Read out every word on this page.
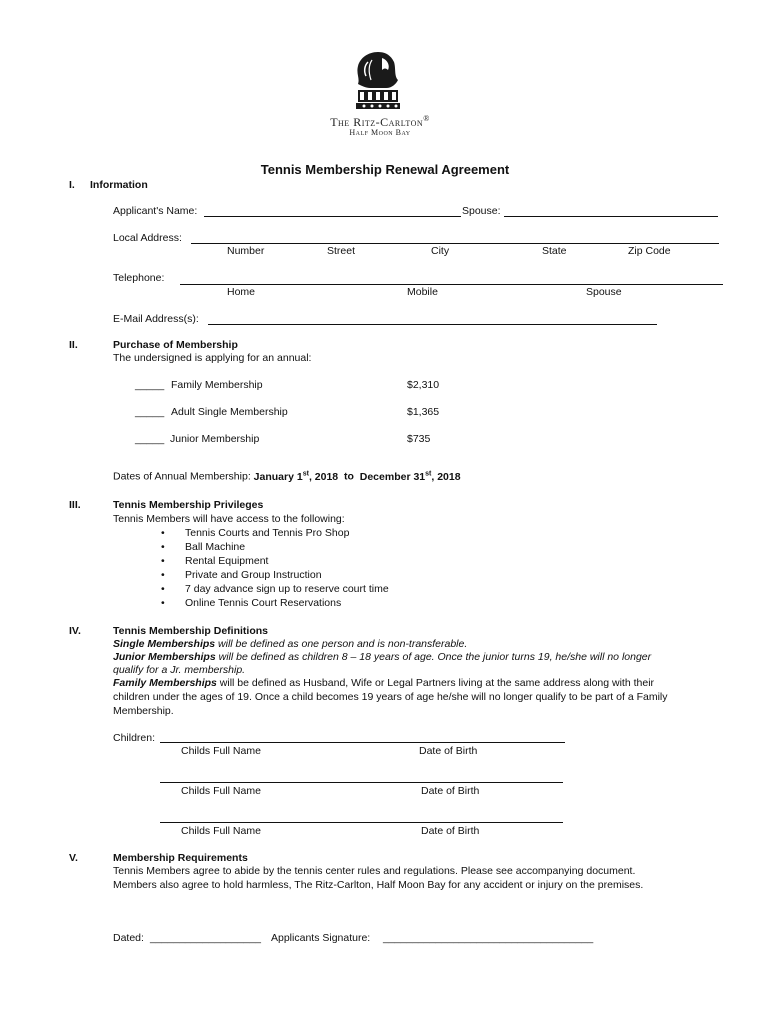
The Ritz-Carlton®
Half Moon Bay
Tennis Membership Renewal Agreement
I. Information
Applicant's Name:	Spouse:
Local Address:
Number	Street	City	State	Zip Code
Telephone:
Home	Mobile	Spouse
E-Mail Address(s):
II.	Purchase of Membership
The undersigned is applying for an annual:
_____ Family Membership	$2,310
_____ Adult Single Membership	$1,365
_____ Junior Membership	$735
Dates of Annual Membership: January 1st, 2018 to December 31st, 2018
III.	Tennis Membership Privileges
Tennis Members will have access to the following:
• Tennis Courts and Tennis Pro Shop
• Ball Machine
• Rental Equipment
• Private and Group Instruction
• 7 day advance sign up to reserve court time
• Online Tennis Court Reservations
IV.	Tennis Membership Definitions
Single Memberships will be defined as one person and is non-transferable.
Junior Memberships will be defined as children 8 – 18 years of age. Once the junior turns 19, he/she will no longer
qualify for a Jr. membership.
Family Memberships will be defined as Husband, Wife or Legal Partners living at the same address along with their
children under the ages of 19. Once a child becomes 19 years of age he/she will no longer qualify to be part of a Family
Membership.
Children:
Childs Full Name	Date of Birth
Childs Full Name	Date of Birth
Childs Full Name	Date of Birth
V.	Membership Requirements
Tennis Members agree to abide by the tennis center rules and regulations. Please see accompanying document.
Members also agree to hold harmless, The Ritz-Carlton, Half Moon Bay for any accident or injury on the premises.
Dated: ___________________ Applicants Signature: ____________________________________
